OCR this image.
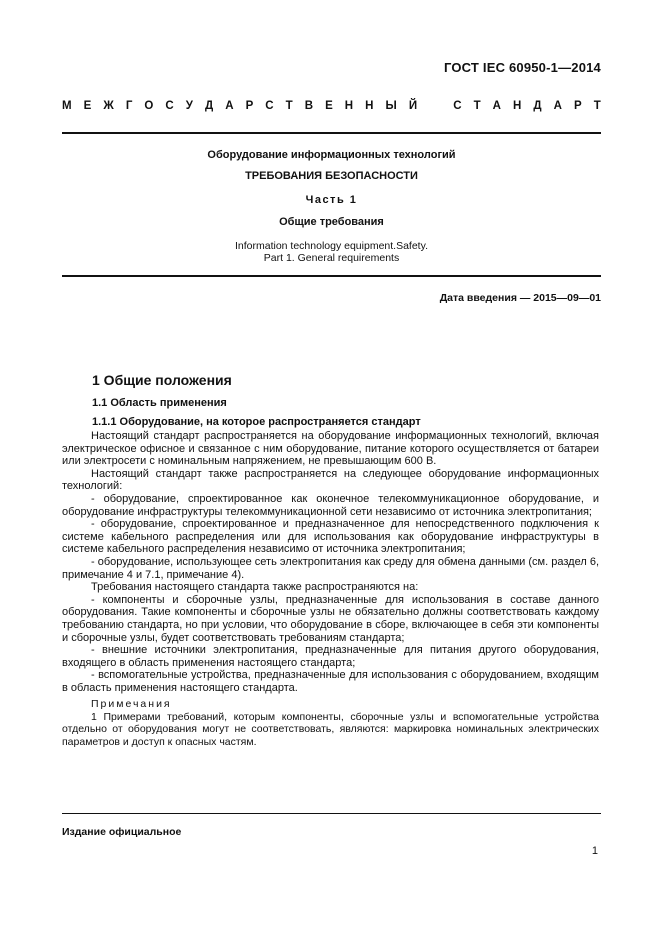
ГОСТ IEC 60950-1—2014
М Е Ж Г О С У Д А Р С Т В Е Н Н Ы Й	С Т А Н Д А Р Т
Оборудование информационных технологий
ТРЕБОВАНИЯ БЕЗОПАСНОСТИ
Часть 1
Общие требования
Information technology equipment.Safety.
Part 1. General requirements
Дата введения — 2015—09—01
1 Общие положения
1.1 Область применения
1.1.1 Оборудование, на которое распространяется стандарт

Настоящий стандарт распространяется на оборудование информационных технологий, включая электрическое офисное и связанное с ним оборудование, питание которого осуществляется от батареи или электросети с номинальным напряжением, не превышающим 600 В.

Настоящий стандарт также распространяется на следующее оборудование информационных технологий:

- оборудование, спроектированное как оконечное телекоммуникационное оборудование, и оборудование инфраструктуры телекоммуникационной сети независимо от источника электропитания;

- оборудование, спроектированное и предназначенное для непосредственного подключения к системе кабельного распределения или для использования как оборудование инфраструктуры в системе кабельного распределения независимо от источника электропитания;

- оборудование, использующее сеть электропитания как среду для обмена данными (см. раздел 6, примечание 4 и 7.1, примечание 4).

Требования настоящего стандарта также распространяются на:

- компоненты и сборочные узлы, предназначенные для использования в составе данного оборудования. Такие компоненты и сборочные узлы не обязательно должны соответствовать каждому требованию стандарта, но при условии, что оборудование в сборе, включающее в себя эти компоненты и сборочные узлы, будет соответствовать требованиям стандарта;

- внешние источники электропитания, предназначенные для питания другого оборудования, входящего в область применения настоящего стандарта;

- вспомогательные устройства, предназначенные для использования с оборудованием, входящим в область применения настоящего стандарта.

Примечания

1 Примерами требований, которым компоненты, сборочные узлы и вспомогательные устройства отдельно от оборудования могут не соответствовать, являются: маркировка номинальных электрических параметров и доступ к опасных частям.

Издание официальное
1
